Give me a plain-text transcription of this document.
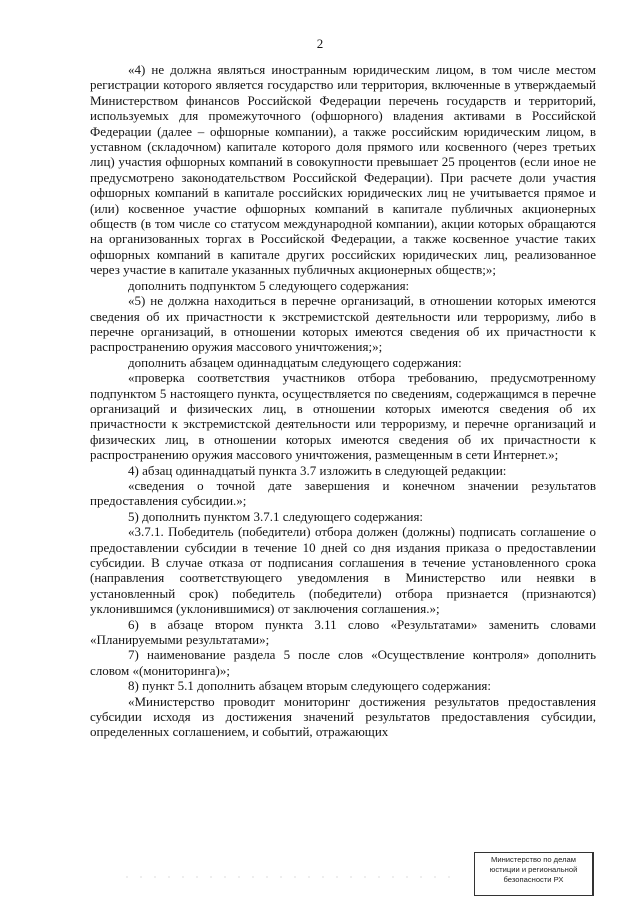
2

«4) не должна являться иностранным юридическим лицом, в том числе местом регистрации которого является государство или территория, включенные в утверждаемый Министерством финансов Российской Федерации перечень государств и территорий, используемых для промежуточного (офшорного) владения активами в Российской Федерации (далее – офшорные компании), а также российским юридическим лицом, в уставном (складочном) капитале которого доля прямого или косвенного (через третьих лиц) участия офшорных компаний в совокупности превышает 25 процентов (если иное не предусмотрено законодательством Российской Федерации). При расчете доли участия офшорных компаний в капитале российских юридических лиц не учитывается прямое и (или) косвенное участие офшорных компаний в капитале публичных акционерных обществ (в том числе со статусом международной компании), акции которых обращаются на организованных торгах в Российской Федерации, а также косвенное участие таких офшорных компаний в капитале других российских юридических лиц, реализованное через участие в капитале указанных публичных акционерных обществ;»;

дополнить подпунктом 5 следующего содержания:

«5) не должна находиться в перечне организаций, в отношении которых имеются сведения об их причастности к экстремистской деятельности или терроризму, либо в перечне организаций, в отношении которых имеются сведения об их причастности к распространению оружия массового уничтожения;»;

дополнить абзацем одиннадцатым следующего содержания:

«проверка соответствия участников отбора требованию, предусмотренному подпунктом 5 настоящего пункта, осуществляется по сведениям, содержащимся в перечне организаций и физических лиц, в отношении которых имеются сведения об их причастности к экстремистской деятельности или терроризму, и перечне организаций и физических лиц, в отношении которых имеются сведения об их причастности к распространению оружия массового уничтожения, размещенным в сети Интернет.»;

4) абзац одиннадцатый пункта 3.7 изложить в следующей редакции:

«сведения о точной дате завершения и конечном значении результатов предоставления субсидии.»;

5) дополнить пунктом 3.7.1 следующего содержания:

«3.7.1. Победитель (победители) отбора должен (должны) подписать соглашение о предоставлении субсидии в течение 10 дней со дня издания приказа о предоставлении субсидии. В случае отказа от подписания соглашения в течение установленного срока (направления соответствующего уведомления в Министерство или неявки в установленный срок) победитель (победители) отбора признается (признаются) уклонившимся (уклонившимися) от заключения соглашения.»;

6) в абзаце втором пункта 3.11 слово «Результатами» заменить словами «Планируемыми результатами»;

7) наименование раздела 5 после слов «Осуществление контроля» дополнить словом «(мониторинга)»;

8) пункт 5.1 дополнить абзацем вторым следующего содержания:

«Министерство проводит мониторинг достижения результатов предоставления субсидии исходя из достижения значений результатов предоставления субсидии, определенных соглашением, и событий, отражающих

Министерство по делам
юстиции и региональной
безопасности РХ
